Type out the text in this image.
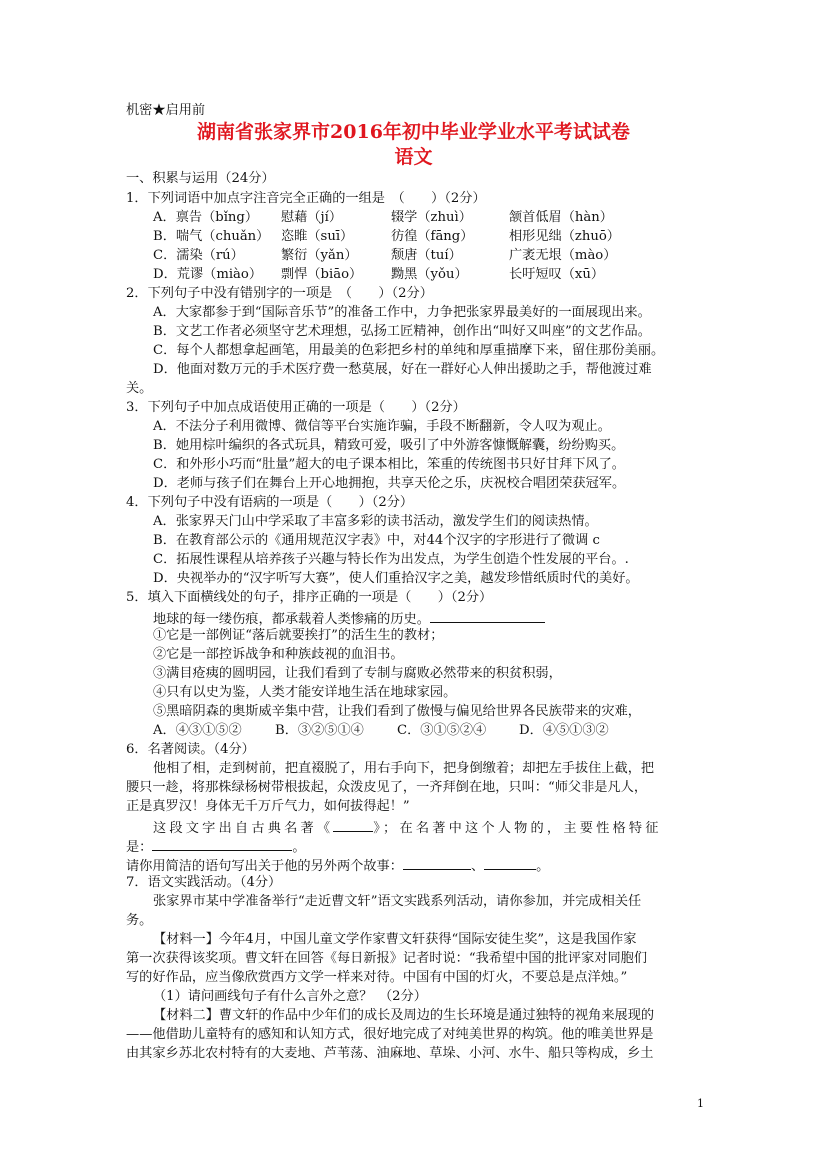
机密★启用前
湖南省张家界市2016年初中毕业学业水平考试试卷
语文
一、积累与运用（24分）
1．下列词语中加点字注音完全正确的一组是　（　　）（2分）
A．禀告（bǐng）	慰藉（jí）	辍学（zhuì）	颔首低眉（hàn）
B．喘气（chuǎn） 恣睢（suī）	彷徨（fāng）	相形见绌（zhuō）
C．濡染（rú）	繁衍（yǎn）	颓唐（tuí）	广袤无垠（mào）
D．荒谬（miào）	剽悍（biāo）	黝黑（yǒu）	长吁短叹（xū）
2．下列句子中没有错别字的一项是　（　　）（2分）
A．大家都参于到“国际音乐节”的准备工作中，力争把张家界最美好的一面展现出来。
B．文艺工作者必须坚守艺术理想，弘扬工匠精神，创作出“叫好又叫座”的文艺作品。
C．每个人都想拿起画笔，用最美的色彩把乡村的单纯和厚重描摩下来，留住那份美丽。
D．他面对数万元的手术医疗费一愁莫展，好在一群好心人伸出援助之手，帮他渡过难
关。
3．下列句子中加点成语使用正确的一项是（　　）（2分）
A．不法分子利用微博、微信等平台实施诈骗，手段不断翻新，令人叹为观止。
B．她用棕叶编织的各式玩具，精致可爱，吸引了中外游客慷慨解囊，纷纷购买。
C．和外形小巧而“肚量”超大的电子课本相比，笨重的传统图书只好甘拜下风了。
D．老师与孩子们在舞台上开心地拥抱，共享天伦之乐，庆祝校合唱团荣获冠军。
4．下列句子中没有语病的一项是（　　）（2分）
A．张家界天门山中学采取了丰富多彩的读书活动，激发学生们的阅读热情。
B．在教育部公示的《通用规范汉字表》中，对44个汉字的字形进行了微调 c
C．拓展性课程从培养孩子兴趣与特长作为出发点，为学生创造个性发展的平台。.
D．央视举办的“汉字听写大赛”，使人们重拾汉字之美，越发珍惜纸质时代的美好。
5．填入下面横线处的句子，排序正确的一项是（　　）（2分）
地球的每一缕伤痕，都承载着人类惨痛的历史。
①它是一部例证“落后就要挨打”的活生生的教材；
②它是一部控诉战争和种族歧视的血泪书。
③满目疮痍的圆明园，让我们看到了专制与腐败必然带来的积贫积弱，
④只有以史为鉴，人类才能安详地生活在地球家园。
⑤黑暗阴森的奥斯威辛集中营，让我们看到了傲慢与偏见给世界各民族带来的灾难，
A．④③①⑤②	B．③②⑤①④	C．③①⑤②④	D．④⑤①③②
6．名著阅读。（4分）
他相了相，走到树前，把直裰脱了，用右手向下，把身倒缴着；却把左手拔住上截，把
腰只一趁，将那株绿杨树带根拔起，众泼皮见了，一齐拜倒在地，只叫：“师父非是凡人，
正是真罗汉！身体无千万斤气力，如何拔得起！”
这段文字出自古典名著《	》；在名著中这个人物的，主要性格特征
是：	。
请你用简洁的语句写出关于他的另外两个故事：	、	。
7．语文实践活动。（4分）
张家界市某中学准备举行“走近曹文轩”语文实践系列活动，请你参加，并完成相关任
务。
【材料一】今年4月，中国儿童文学作家曹文轩获得“国际安徒生奖”，这是我国作家
第一次获得该奖项。曹文轩在回答《每日新报》记者时说：“我希望中国的批评家对同胞们
写的好作品，应当像欣赏西方文学一样来对待。中国有中国的灯火，不要总是点洋烛。”
（1）请问画线句子有什么言外之意？　（2分）
【材料二】曹文轩的作品中少年们的成长及周边的生长环境是通过独特的视角来展现的
——他借助儿童特有的感知和认知方式，很好地完成了对纯美世界的构筑。他的唯美世界是
由其家乡苏北农村特有的大麦地、芦苇荡、油麻地、草垛、小河、水牛、船只等构成，乡土
1
